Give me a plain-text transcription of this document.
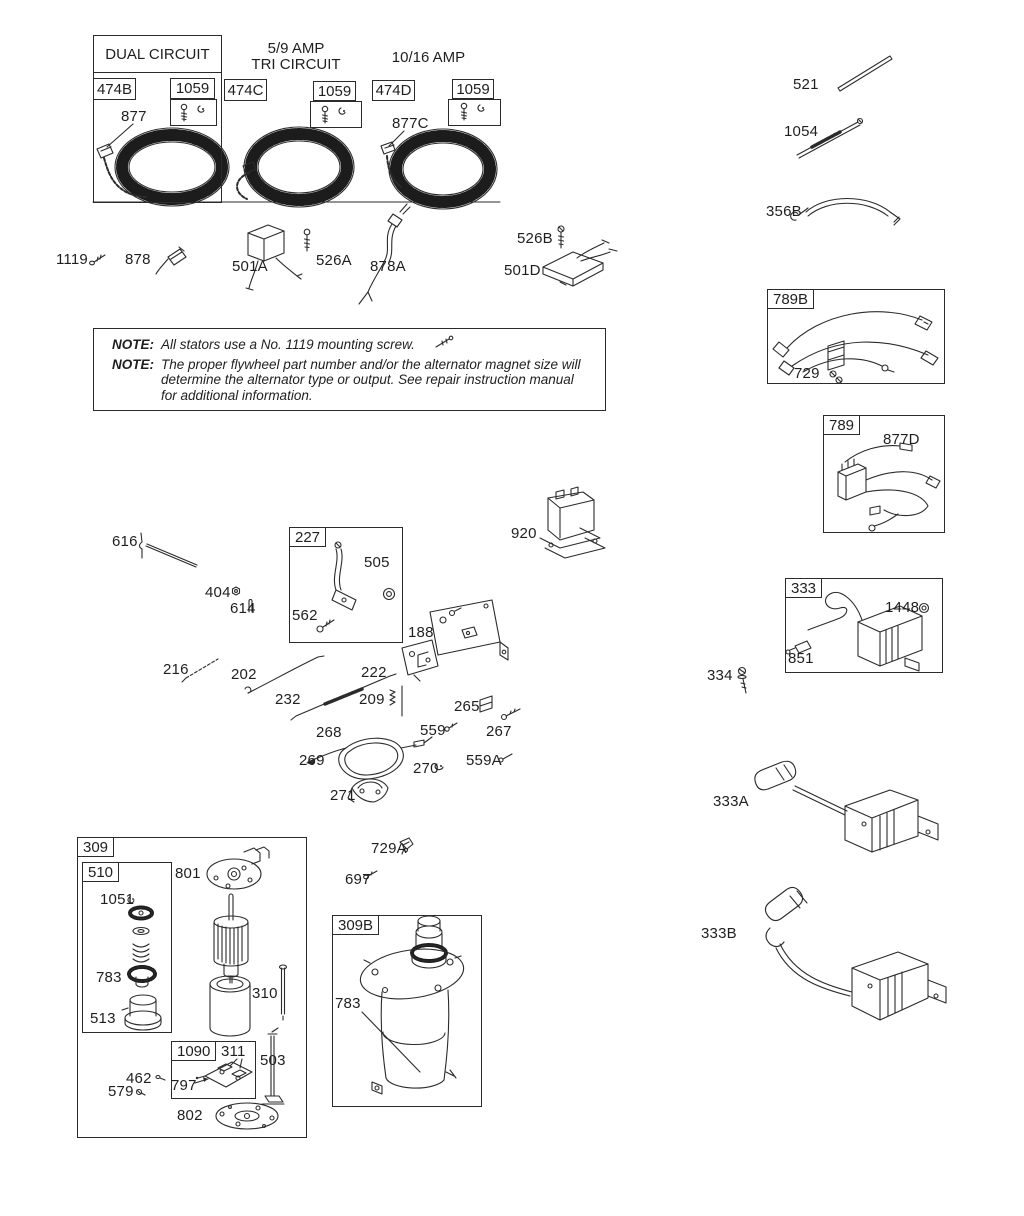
DUAL CIRCUIT
474B	1059
877
5/9 AMP
TRI CIRCUIT
474C	1059
10/16 AMP
474D	1059
877C
1119 878	501A	526A 878A
526B
501D
NOTE: All stators use a No. 1119 mounting screw.
NOTE: The proper flywheel part number and/or the alternator magnet size will
determine the alternator type or output. See repair instruction manual
for additional information.
616
404
614
227
505
562
920
188
216	202
232
222
209	265
268	559	267
269	270 559A
271
521
1054
356B
789B
729
789
877D
333
1448
851
334
333A
333B
309
510
1051
783
513
801
310
1090 311
797
462
579
503
802
729A
697
309B
783
